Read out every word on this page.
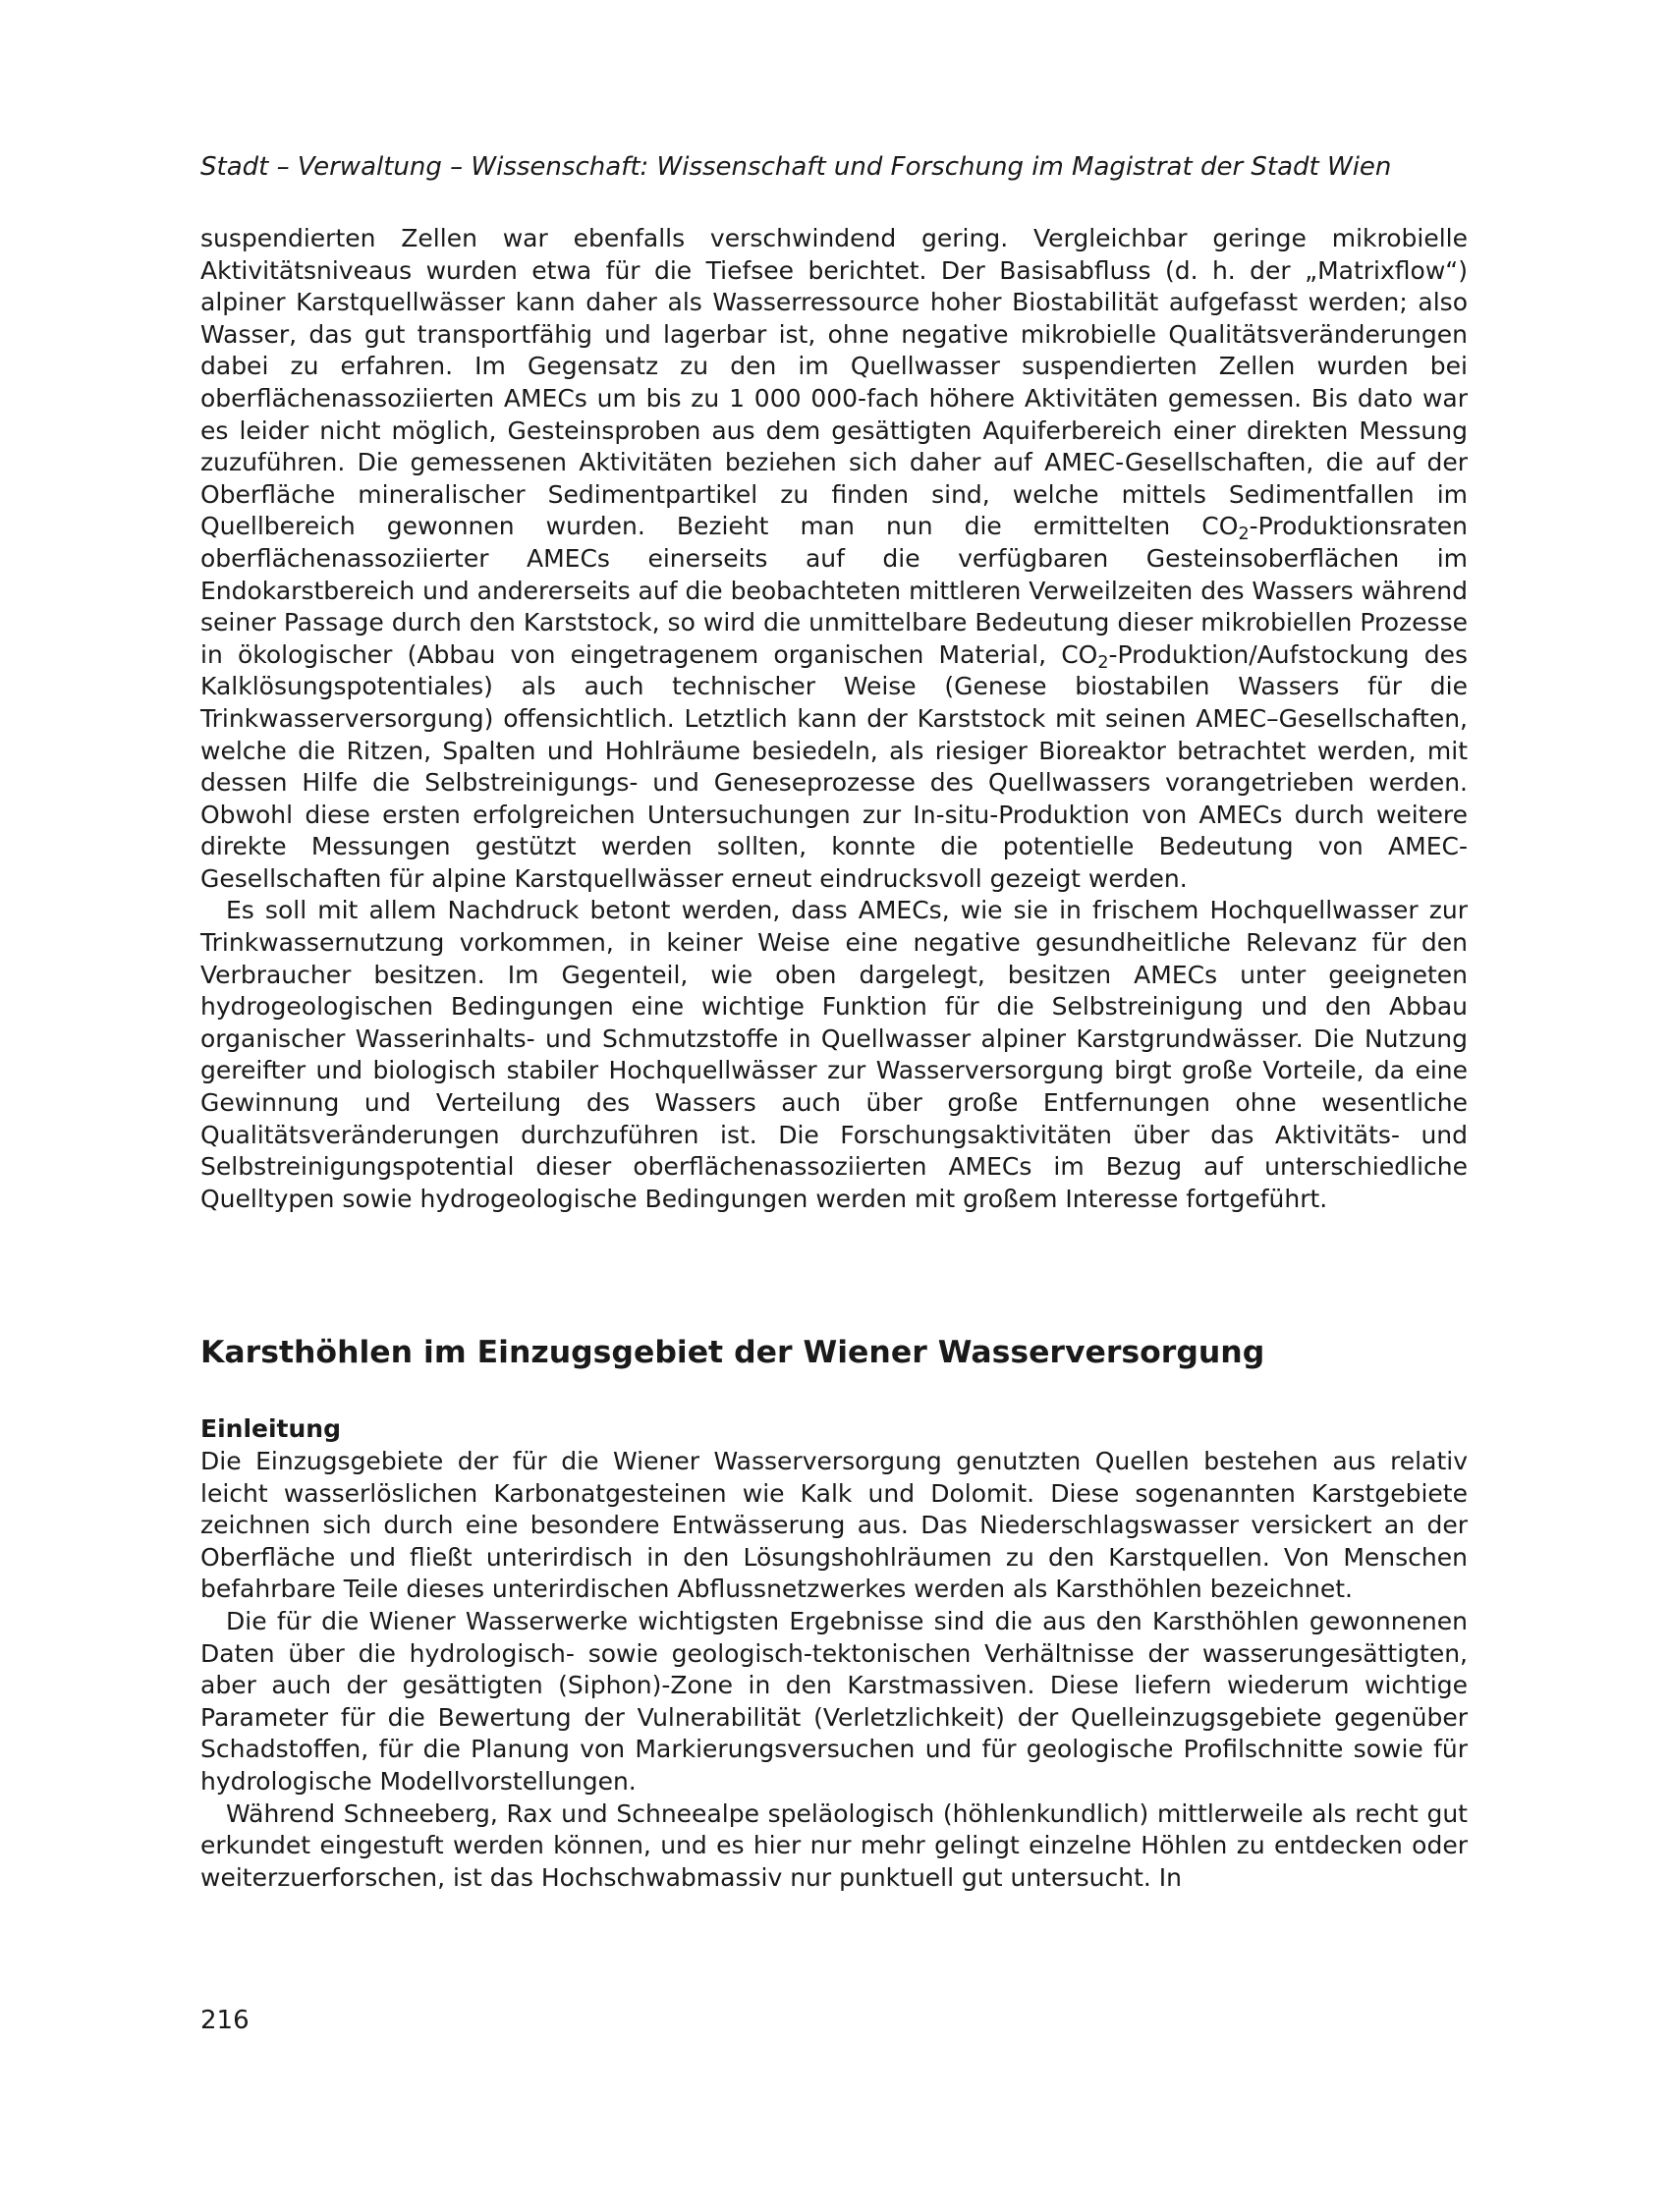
Stadt – Verwaltung – Wissenschaft: Wissenschaft und Forschung im Magistrat der Stadt Wien

suspendierten Zellen war ebenfalls verschwindend gering. Vergleichbar geringe mikrobielle Aktivitätsniveaus wurden etwa für die Tiefsee berichtet. Der Basisabfluss (d. h. der „Matrixflow“) alpiner Karstquellwässer kann daher als Wasserressource hoher Biostabilität aufgefasst werden; also Wasser, das gut transportfähig und lagerbar ist, ohne negative mikrobielle Qualitätsveränderungen dabei zu erfahren. Im Gegensatz zu den im Quellwasser suspendierten Zellen wurden bei oberflächenassoziierten AMECs um bis zu 1 000 000-fach höhere Aktivitäten gemessen. Bis dato war es leider nicht möglich, Gesteinsproben aus dem gesättigten Aquiferbereich einer direkten Messung zuzuführen. Die gemessenen Aktivitäten beziehen sich daher auf AMEC-Gesellschaften, die auf der Oberfläche mineralischer Sedimentpartikel zu finden sind, welche mittels Sedimentfallen im Quellbereich gewonnen wurden. Bezieht man nun die ermittelten $CO_2$-Produktionsraten oberflächenassoziierter AMECs einerseits auf die verfügbaren Gesteinsoberflächen im Endokarstbereich und andererseits auf die beobachteten mittleren Verweilzeiten des Wassers während seiner Passage durch den Karststock, so wird die unmittelbare Bedeutung dieser mikrobiellen Prozesse in ökologischer (Abbau von eingetragenem organischen Material, $CO_2-Produktion$/Aufstockung des Kalklösungspotentiales) als auch technischer Weise (Genese biostabilen Wassers für die Trinkwasserversorgung) offensichtlich. Letztlich kann der Karststock mit seinen AMEC–Gesellschaften, welche die Ritzen, Spalten und Hohlräume besiedeln, als riesiger Bioreaktor betrachtet werden, mit dessen Hilfe die Selbstreinigungs- und Geneseprozesse des Quellwassers vorangetrieben werden. Obwohl diese ersten erfolgreichen Untersuchungen zur In-situ-Produktion von AMECs durch weitere direkte Messungen gestützt werden sollten, konnte die potentielle Bedeutung von AMEC-Gesellschaften für alpine Karstquellwässer erneut eindrucksvoll gezeigt werden.

Es soll mit allem Nachdruck betont werden, dass AMECs, wie sie in frischem Hochquellwasser zur Trinkwassernutzung vorkommen, in keiner Weise eine negative gesundheitliche Relevanz für den Verbraucher besitzen. Im Gegenteil, wie oben dargelegt, besitzen AMECs unter geeigneten hydrogeologischen Bedingungen eine wichtige Funktion für die Selbstreinigung und den Abbau organischer Wasserinhalts- und Schmutzstoffe in Quellwasser alpiner Karstgrundwässer. Die Nutzung gereifter und biologisch stabiler Hochquellwässer zur Wasserversorgung birgt große Vorteile, da eine Gewinnung und Verteilung des Wassers auch über große Entfernungen ohne wesentliche Qualitätsveränderungen durchzuführen ist. Die Forschungsaktivitäten über das Aktivitäts- und Selbstreinigungspotential dieser oberflächenassoziierten AMECs im Bezug auf unterschiedliche Quelltypen sowie hydrogeologische Bedingungen werden mit großem Interesse fortgeführt.

Karsthöhlen im Einzugsgebiet der Wiener Wasserversorgung
Einleitung

Die Einzugsgebiete der für die Wiener Wasserversorgung genutzten Quellen bestehen aus relativ leicht wasserlöslichen Karbonatgesteinen wie Kalk und Dolomit. Diese sogenannten Karstgebiete zeichnen sich durch eine besondere Entwässerung aus. Das Niederschlagswasser versickert an der Oberfläche und fließt unterirdisch in den Lösungshohlräumen zu den Karstquellen. Von Menschen befahrbare Teile dieses unterirdischen Abflussnetzwerkes werden als Karsthöhlen bezeichnet.

Die für die Wiener Wasserwerke wichtigsten Ergebnisse sind die aus den Karsthöhlen gewonnenen Daten über die hydrologisch- sowie geologisch-tektonischen Verhältnisse der wasserungesättigten, aber auch der gesättigten (Siphon)-Zone in den Karstmassiven. Diese liefern wiederum wichtige Parameter für die Bewertung der Vulnerabilität (Verletzlichkeit) der Quelleinzugsgebiete gegenüber Schadstoffen, für die Planung von Markierungsversuchen und für geologische Profilschnitte sowie für hydrologische Modellvorstellungen.

Während Schneeberg, Rax und Schneealpe speläologisch (höhlenkundlich) mittlerweile als recht gut erkundet eingestuft werden können, und es hier nur mehr gelingt einzelne Höhlen zu entdecken oder weiterzuerforschen, ist das Hochschwabmassiv nur punktuell gut untersucht. In

216
